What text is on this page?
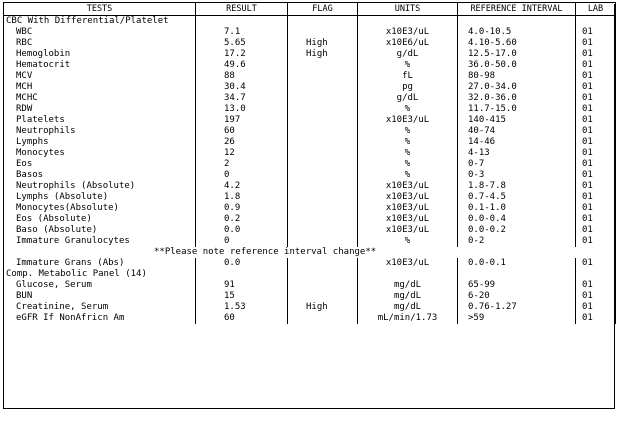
TESTS	RESULT	FLAG	UNITS	REFERENCE INTERVAL	LAB
CBC With Differential/Platelet					
WBC	7.1		x10E3/uL	4.0-10.5	01
RBC	5.65	High	x10E6/uL	4.10-5.60	01
Hemoglobin	17.2	High	g/dL	12.5-17.0	01
Hematocrit	49.6		%	36.0-50.0	01
MCV	88		fL	80-98	01
MCH	30.4		pg	27.0-34.0	01
MCHC	34.7		g/dL	32.0-36.0	01
RDW	13.0		%	11.7-15.0	01
Platelets	197		x10E3/uL	140-415	01
Neutrophils	60		%	40-74	01
Lymphs	26		%	14-46	01
Monocytes	12		%	4-13	01
Eos	2		%	0-7	01
Basos	0		%	0-3	01
Neutrophils (Absolute)	4.2		x10E3/uL	1.8-7.8	01
Lymphs (Absolute)	1.8		x10E3/uL	0.7-4.5	01
Monocytes(Absolute)	0.9		x10E3/uL	0.1-1.0	01
Eos (Absolute)	0.2		x10E3/uL	0.0-0.4	01
Baso (Absolute)	0.0		x10E3/uL	0.0-0.2	01
Immature Granulocytes	0		%	0-2	01
**Please note reference interval change**					
Immature Grans (Abs)	0.0		x10E3/uL	0.0-0.1	01
Comp. Metabolic Panel (14)					
Glucose, Serum	91		mg/dL	65-99	01
BUN	15		mg/dL	6-20	01
Creatinine, Serum	1.53	High	mg/dL	0.76-1.27	01
eGFR If NonAfricn Am	60		mL/min/1.73	>59	01
